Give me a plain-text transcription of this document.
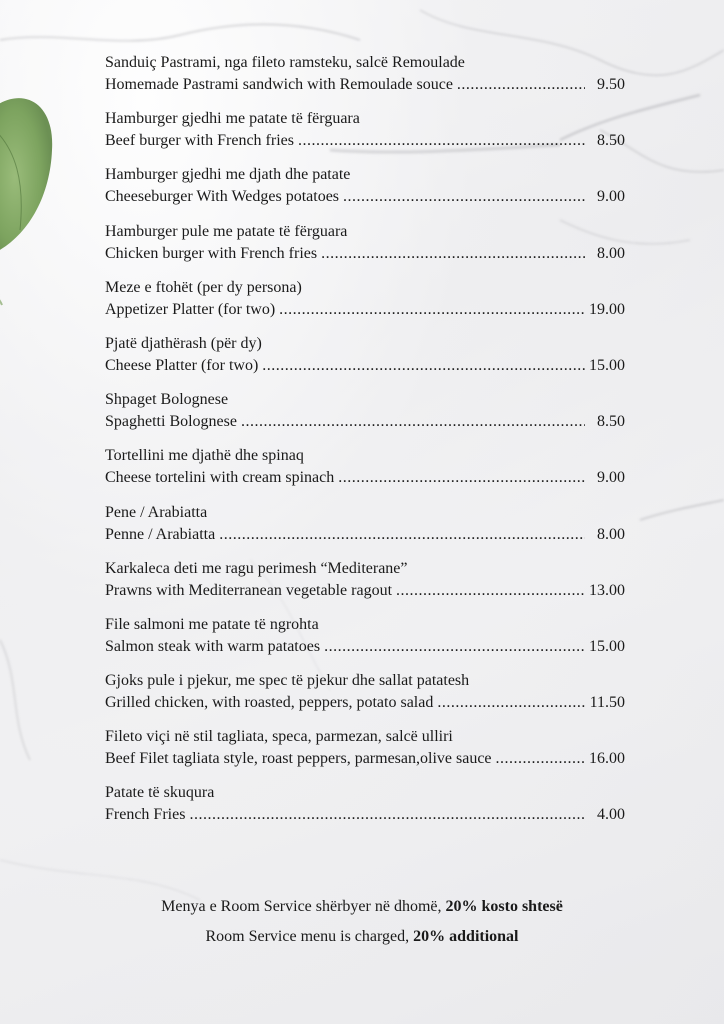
Sanduiç Pastrami, nga fileto ramsteku, salcë Remoulade
Homemade Pastrami sandwich with Remoulade souce .....	9.50
Hamburger gjedhi me patate të fërguara
Beef burger with French fries .....	8.50
Hamburger gjedhi me djath dhe patate
Cheeseburger With Wedges potatoes .....	9.00
Hamburger pule me patate të fërguara
Chicken burger with French fries .....	8.00
Meze e ftohët (per dy persona)
Appetizer Platter (for two) .....	19.00
Pjatë djathërash (për dy)
Cheese Platter (for two) .....	15.00
Shpaget Bolognese
Spaghetti Bolognese .....	8.50
Tortellini me djathë dhe spinaq
Cheese tortelini with cream spinach .....	9.00
Pene / Arabiatta
Penne / Arabiatta .....	8.00
Karkaleca deti me ragu perimesh “Mediterane”
Prawns with Mediterranean vegetable ragout .....	13.00
File salmoni me patate të ngrohta
Salmon steak with warm patatoes .....	15.00
Gjoks pule i pjekur, me spec të pjekur dhe sallat patatesh
Grilled chicken, with roasted, peppers, potato salad .....	11.50
Fileto viçi në stil tagliata, speca, parmezan, salcë ulliri
Beef Filet tagliata style, roast peppers, parmesan,olive sauce .....	16.00
Patate të skuqura
French Fries .....	4.00
Menya e Room Service shërbyer në dhomë, 20% kosto shtesë
Room Service menu is charged, 20% additional
